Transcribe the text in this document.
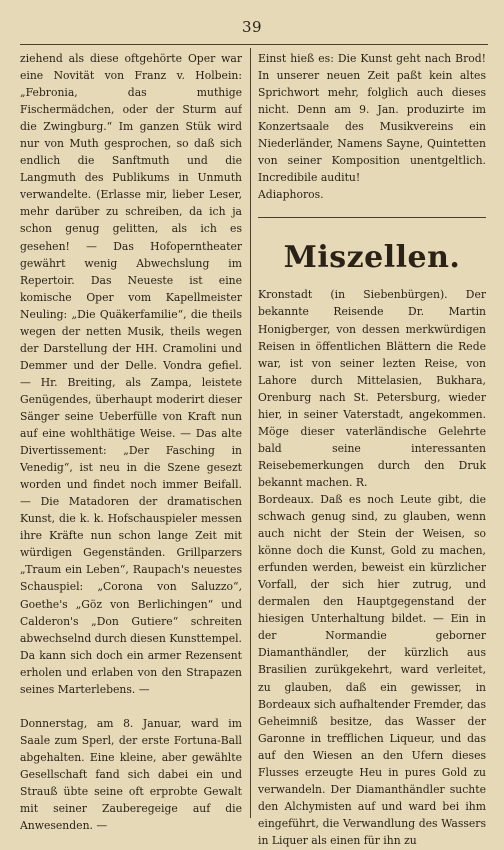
39

ziehend als diese oftgehörte Oper war eine Novität von Franz v. Holbein: „Febronia, das muthige Fischermädchen, oder der Sturm auf die Zwingburg.“ Im ganzen Stük wird nur von Muth gesprochen, so daß sich endlich die Sanftmuth und die Langmuth des Publikums in Unmuth verwandelte. (Erlasse mir, lieber Leser, mehr darüber zu schreiben, da ich ja schon genug gelitten, als ich es gesehen! — Das Hofoperntheater gewährt wenig Abwechslung im Repertoir. Das Neueste ist eine komische Oper vom Kapellmeister Neuling: „Die Quäkerfamilie“, die theils wegen der netten Musik, theils wegen der Darstellung der HH. Cramolini und Demmer und der Delle. Vondra gefiel. — Hr. Breiting, als Zampa, leistete Genügendes, überhaupt moderirt dieser Sänger seine Ueberfülle von Kraft nun auf eine wohlthätige Weise. — Das alte Divertissement: „Der Fasching in Venedig“, ist neu in die Szene gesezt worden und findet noch immer Beifall. — Die Matadoren der dramatischen Kunst, die k. k. Hofschauspieler messen ihre Kräfte nun schon lange Zeit mit würdigen Gegenständen. Grillparzers „Traum ein Leben“, Raupach's neuestes Schauspiel: „Corona von Saluzzo“, Goethe's „Göz von Berlichingen“ und Calderon's „Don Gutiere“ schreiten abwechselnd durch diesen Kunsttempel. Da kann sich doch ein armer Rezensent erholen und erlaben von den Strapazen seines Marterlebens. —

Donnerstag, am 8. Januar, ward im Saale zum Sperl, der erste Fortuna-Ball abgehalten. Eine kleine, aber gewählte Gesellschaft fand sich dabei ein und Strauß übte seine oft erprobte Gewalt mit seiner Zauberegeige auf die Anwesenden. —

Einst hieß es: Die Kunst geht nach Brod! In unserer neuen Zeit paßt kein altes Sprichwort mehr, folglich auch dieses nicht. Denn am 9. Jan. produzirte im Konzertsaale des Musikvereins ein Niederländer, Namens Sayne, Quintetten von seiner Komposition unentgeltlich. Incredibile auditu!

Adiaphoros.

Miszellen.

Kronstadt (in Siebenbürgen). Der bekannte Reisende Dr. Martin Honigberger, von dessen merkwürdigen Reisen in öffentlichen Blättern die Rede war, ist von seiner lezten Reise, von Lahore durch Mittelasien, Bukhara, Orenburg nach St. Petersburg, wieder hier, in seiner Vaterstadt, angekommen. Möge dieser vaterländische Gelehrte bald seine interessanten Reisebemerkungen durch den Druk bekannt machen. R.

Bordeaux. Daß es noch Leute gibt, die schwach genug sind, zu glauben, wenn auch nicht der Stein der Weisen, so könne doch die Kunst, Gold zu machen, erfunden werden, beweist ein kürzlicher Vorfall, der sich hier zutrug, und dermalen den Hauptgegenstand der hiesigen Unterhaltung bildet. — Ein in der Normandie geborner Diamanthändler, der kürzlich aus Brasilien zurükgekehrt, ward verleitet, zu glauben, daß ein gewisser, in Bordeaux sich aufhaltender Fremder, das Geheimniß besitze, das Wasser der Garonne in trefflichen Liqueur, und das auf den Wiesen an den Ufern dieses Flusses erzeugte Heu in pures Gold zu verwandeln. Der Diamanthändler suchte den Alchymisten auf und ward bei ihm eingeführt, die Verwandlung des Wassers in Liquer als einen für ihn zu
